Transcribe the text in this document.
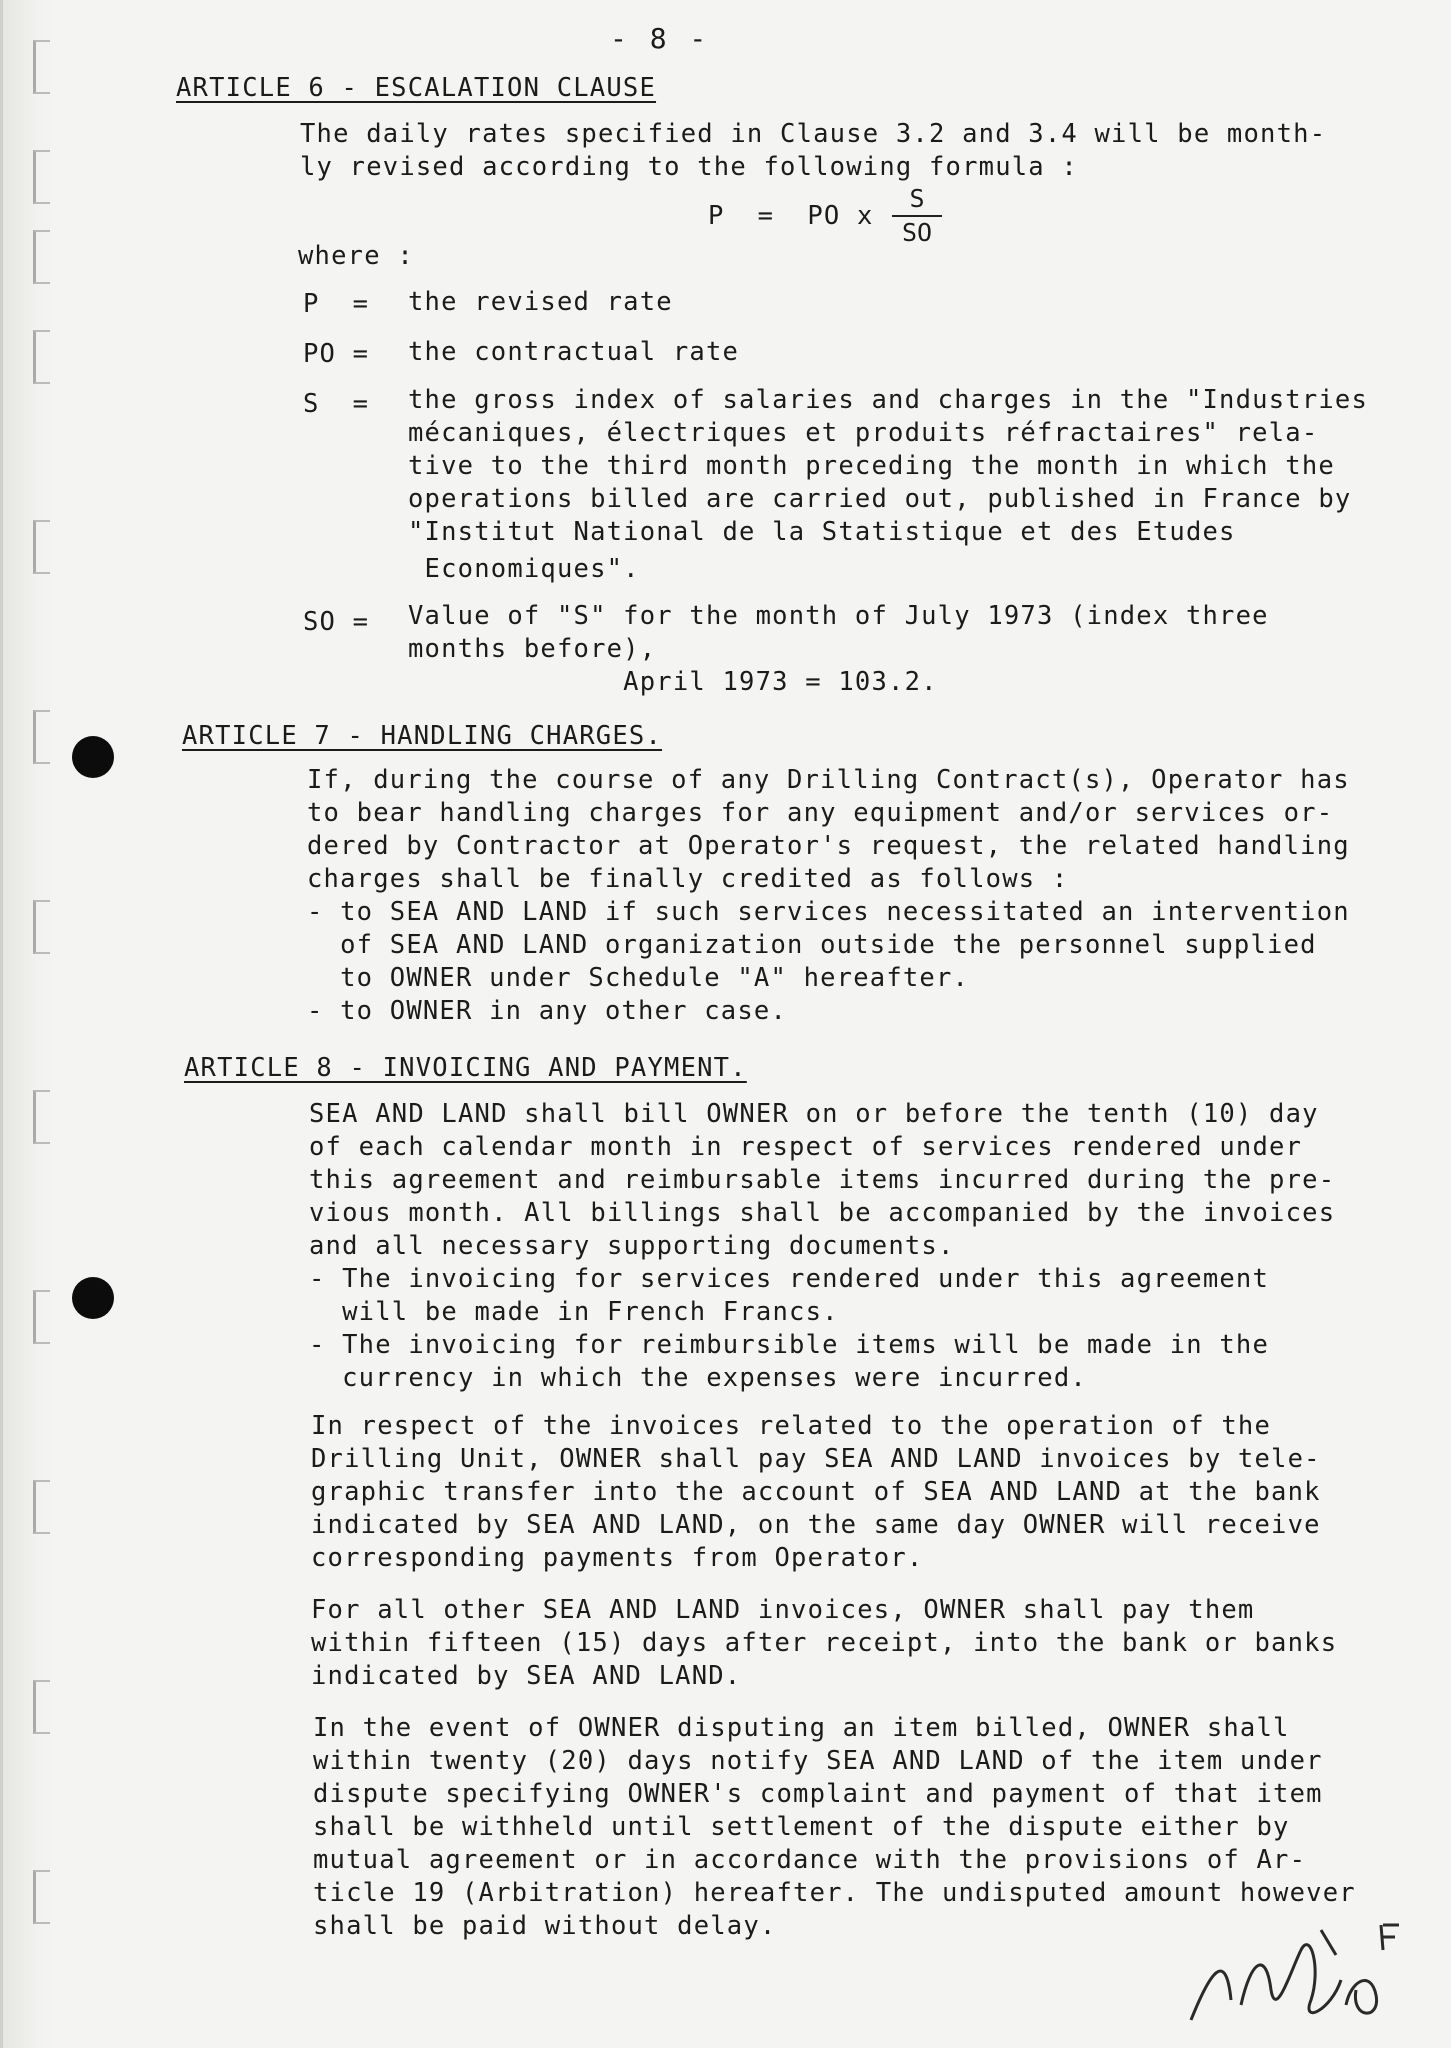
- 8 -
ARTICLE 6 - ESCALATION CLAUSE
The daily rates specified in Clause 3.2 and 3.4 will be month-
ly revised according to the following formula :
P  =  PO x
S
SO
where :
P  = the revised rate
PO = the contractual rate
S  = the gross index of salaries and charges in the "Industries
mécaniques, électriques et produits réfractaires" rela-
tive to the third month preceding the month in which the
operations billed are carried out, published in France by
"Institut National de la Statistique et des Etudes
Economiques".
SO = Value of "S" for the month of July 1973 (index three
months before),
April 1973 = 103.2.
ARTICLE 7 - HANDLING CHARGES.
If, during the course of any Drilling Contract(s), Operator has
to bear handling charges for any equipment and/or services or-
dered by Contractor at Operator's request, the related handling
charges shall be finally credited as follows :
- to SEA AND LAND if such services necessitated an intervention
of SEA AND LAND organization outside the personnel supplied
to OWNER under Schedule "A" hereafter.
- to OWNER in any other case.
ARTICLE 8 - INVOICING AND PAYMENT.
SEA AND LAND shall bill OWNER on or before the tenth (10) day
of each calendar month in respect of services rendered under
this agreement and reimbursable items incurred during the pre-
vious month. All billings shall be accompanied by the invoices
and all necessary supporting documents.
- The invoicing for services rendered under this agreement
will be made in French Francs.
- The invoicing for reimbursible items will be made in the
currency in which the expenses were incurred.
In respect of the invoices related to the operation of the
Drilling Unit, OWNER shall pay SEA AND LAND invoices by tele-
graphic transfer into the account of SEA AND LAND at the bank
indicated by SEA AND LAND, on the same day OWNER will receive
corresponding payments from Operator.
For all other SEA AND LAND invoices, OWNER shall pay them
within fifteen (15) days after receipt, into the bank or banks
indicated by SEA AND LAND.
In the event of OWNER disputing an item billed, OWNER shall
within twenty (20) days notify SEA AND LAND of the item under
dispute specifying OWNER's complaint and payment of that item
shall be withheld until settlement of the dispute either by
mutual agreement or in accordance with the provisions of Ar-
ticle 19 (Arbitration) hereafter. The undisputed amount however
shall be paid without delay.
